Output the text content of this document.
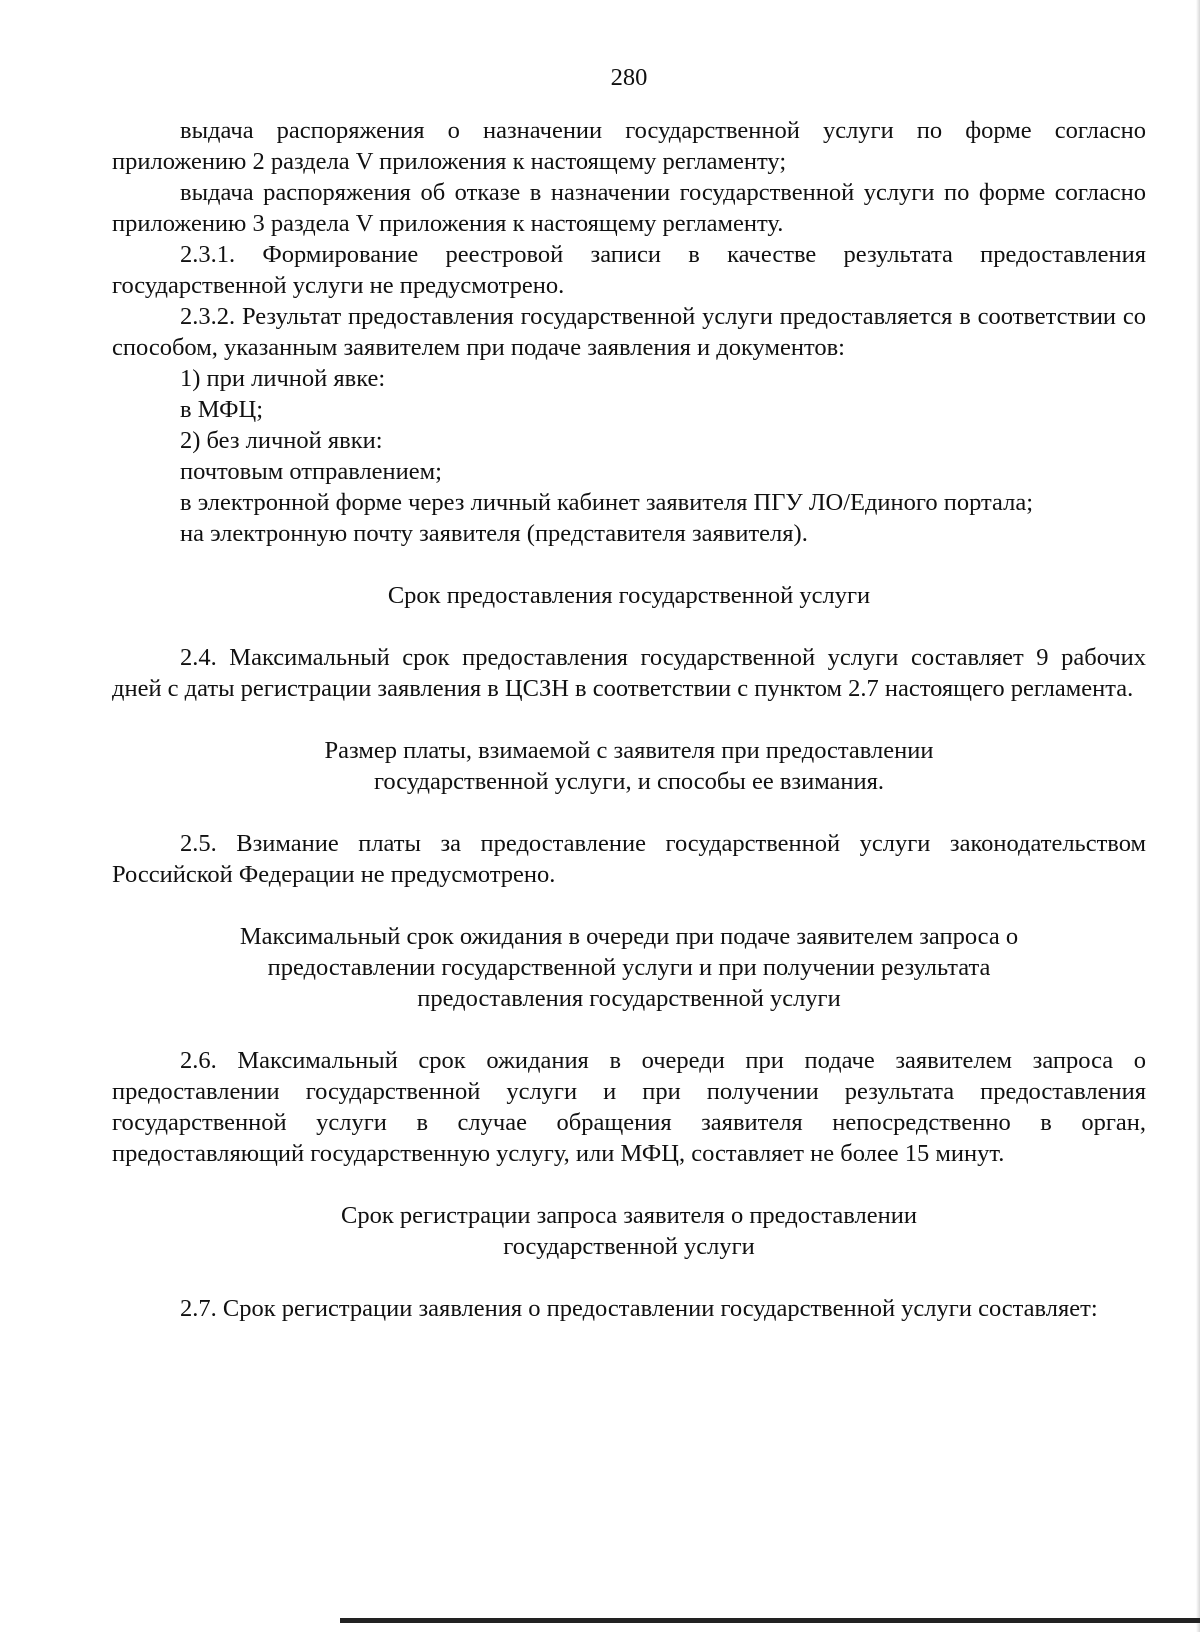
280

выдача распоряжения о назначении государственной услуги по форме согласно приложению 2 раздела V приложения к настоящему регламенту;

выдача распоряжения об отказе в назначении государственной услуги по форме согласно приложению 3 раздела V приложения к настоящему регламенту.

2.3.1. Формирование реестровой записи в качестве результата предоставления государственной услуги не предусмотрено.

2.3.2. Результат предоставления государственной услуги предоставляется в соответствии со способом, указанным заявителем при подаче заявления и документов:

1) при личной явке:

в МФЦ;

2) без личной явки:

почтовым отправлением;

в электронной форме через личный кабинет заявителя ПГУ ЛО/Единого портала;

на электронную почту заявителя (представителя заявителя).

Срок предоставления государственной услуги

2.4. Максимальный срок предоставления государственной услуги составляет 9 рабочих дней с даты регистрации заявления в ЦСЗН в соответствии с пунктом 2.7 настоящего регламента.

Размер платы, взимаемой с заявителя при предоставлении
государственной услуги, и способы ее взимания.

2.5. Взимание платы за предоставление государственной услуги законодательством Российской Федерации не предусмотрено.

Максимальный срок ожидания в очереди при подаче заявителем запроса о
предоставлении государственной услуги и при получении результата
предоставления государственной услуги

2.6. Максимальный срок ожидания в очереди при подаче заявителем запроса о предоставлении государственной услуги и при получении результата предоставления государственной услуги в случае обращения заявителя непосредственно в орган, предоставляющий государственную услугу, или МФЦ, составляет не более 15 минут.

Срок регистрации запроса заявителя о предоставлении
государственной услуги

2.7. Срок регистрации заявления о предоставлении государственной услуги составляет:
